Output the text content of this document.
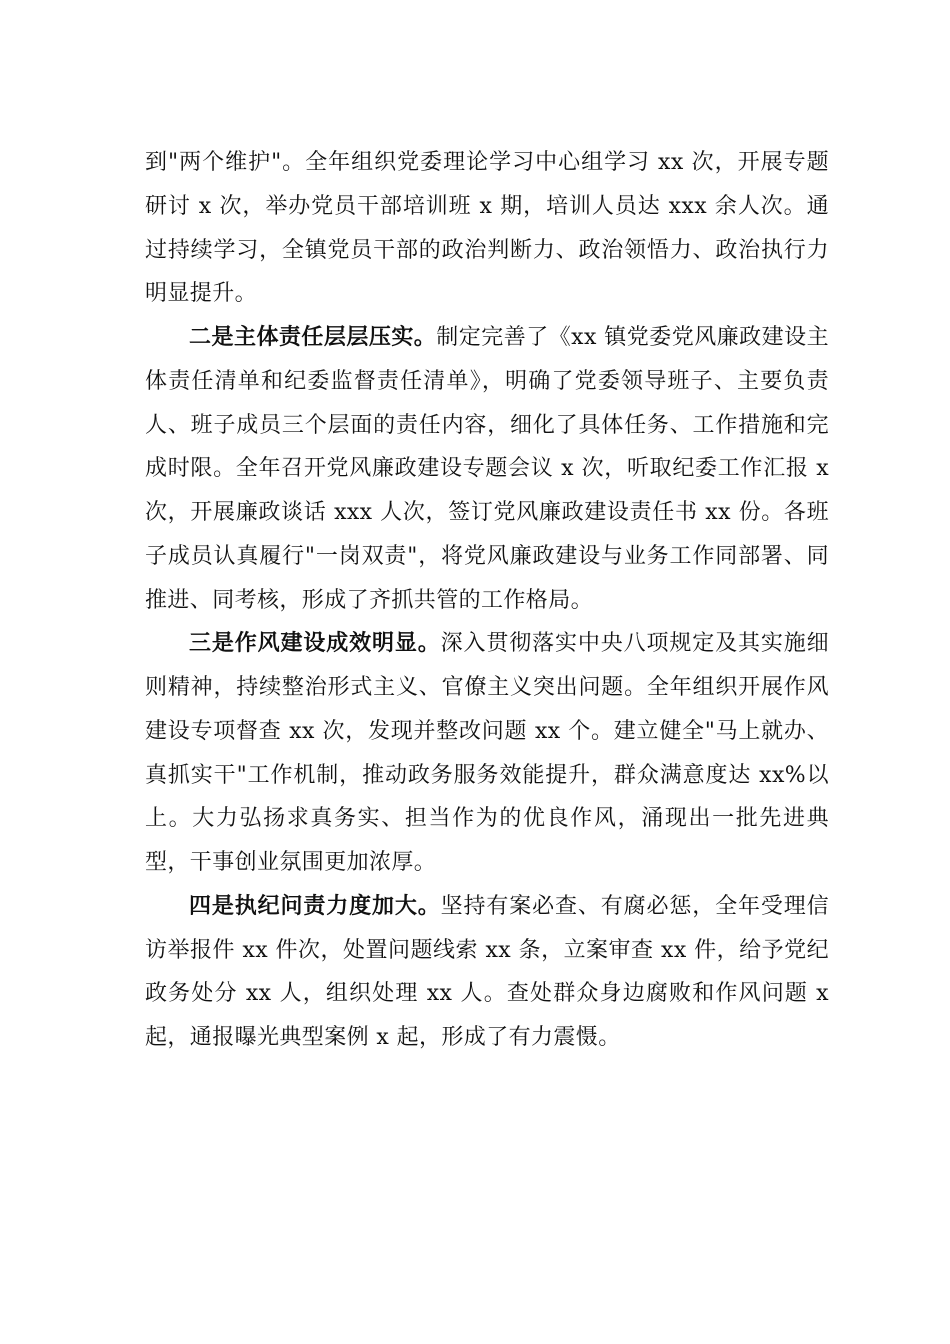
到"两个维护"。全年组织党委理论学习中心组学习 xx 次，开展专题研讨 x 次，举办党员干部培训班 x 期，培训人员达 xxx 余人次。通过持续学习，全镇党员干部的政治判断力、政治领悟力、政治执行力明显提升。

二是主体责任层层压实。制定完善了《xx 镇党委党风廉政建设主体责任清单和纪委监督责任清单》，明确了党委领导班子、主要负责人、班子成员三个层面的责任内容，细化了具体任务、工作措施和完成时限。全年召开党风廉政建设专题会议 x 次，听取纪委工作汇报 x 次，开展廉政谈话 xxx 人次，签订党风廉政建设责任书 xx 份。各班子成员认真履行"一岗双责"，将党风廉政建设与业务工作同部署、同推进、同考核，形成了齐抓共管的工作格局。

三是作风建设成效明显。深入贯彻落实中央八项规定及其实施细则精神，持续整治形式主义、官僚主义突出问题。全年组织开展作风建设专项督查 xx 次，发现并整改问题 xx 个。建立健全"马上就办、真抓实干"工作机制，推动政务服务效能提升，群众满意度达 xx%以上。大力弘扬求真务实、担当作为的优良作风，涌现出一批先进典型，干事创业氛围更加浓厚。

四是执纪问责力度加大。坚持有案必查、有腐必惩，全年受理信访举报件 xx 件次，处置问题线索 xx 条，立案审查 xx 件，给予党纪政务处分 xx 人，组织处理 xx 人。查处群众身边腐败和作风问题 x 起，通报曝光典型案例 x 起，形成了有力震慑。
